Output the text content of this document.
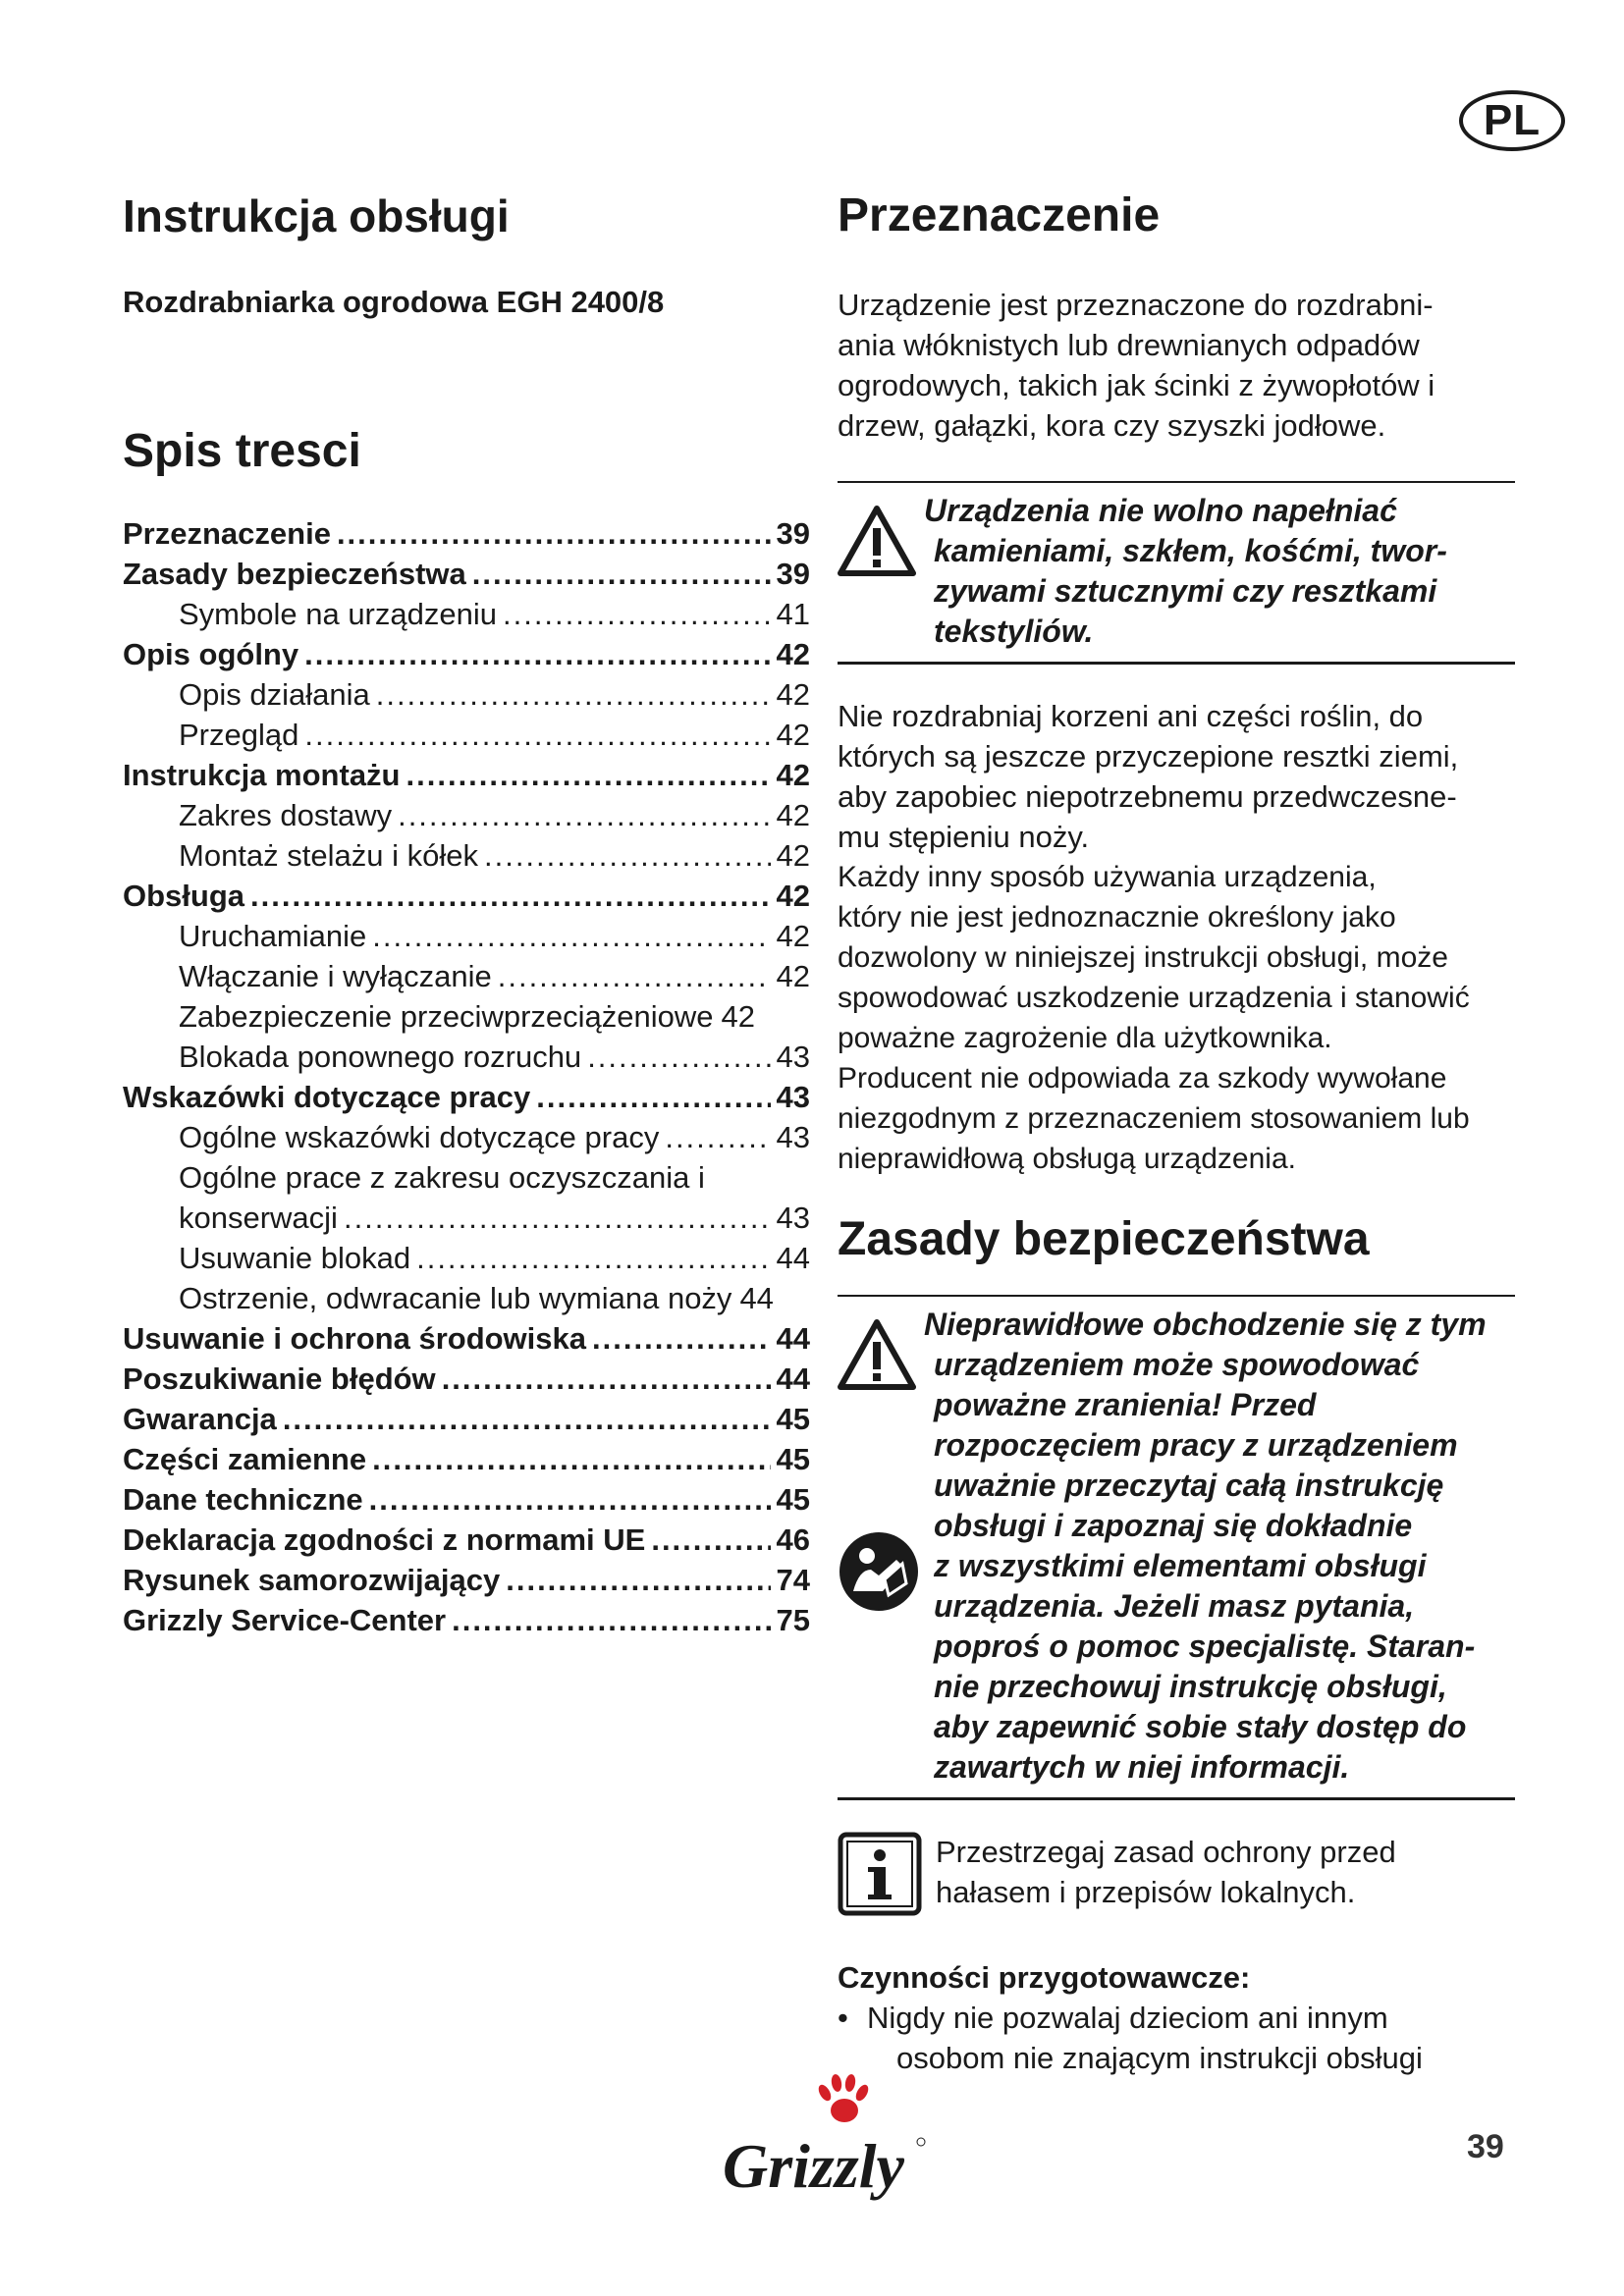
PL
Instrukcja obsługi
Rozdrabniarka ogrodowa EGH 2400/8
Spis tresci
Przeznaczenie .....	39
Zasady bezpieczeństwa .....	39
Symbole na urządzeniu .....	41
Opis ogólny .....	42
Opis działania .....	42
Przegląd .....	42
Instrukcja montażu .....	42
Zakres dostawy .....	42
Montaż stelażu i kółek .....	42
Obsługa .....	42
Uruchamianie .....	42
Włączanie i wyłączanie .....	42
Zabezpieczenie przeciwprzeciążeniowe 42
Blokada ponownego rozruchu .....	43
Wskazówki dotyczące pracy .....	43
Ogólne wskazówki dotyczące pracy .....	43
Ogólne prace z zakresu oczyszczania i
konserwacji .....	43
Usuwanie blokad .....	44
Ostrzenie, odwracanie lub wymiana noży 44
Usuwanie i ochrona środowiska .....	44
Poszukiwanie błędów .....	44
Gwarancja .....	45
Części zamienne .....	45
Dane techniczne .....	45
Deklaracja zgodności z normami UE .....	46
Rysunek samorozwijający .....	74
Grizzly Service-Center .....	75
Przeznaczenie

Urządzenie jest przeznaczone do rozdrabni-

ania włóknistych lub drewnianych odpadów

ogrodowych, takich jak ścinki z żywopłotów i

drzew, gałązki, kora czy szyszki jodłowe.

Urządzenia nie wolno napełniać
kamieniami, szkłem, kośćmi, twor-
zywami sztucznymi czy resztkami
tekstyliów.

Nie rozdrabniaj korzeni ani części roślin, do

których są jeszcze przyczepione resztki ziemi,

aby zapobiec niepotrzebnemu przedwczesne-

mu stępieniu noży.

Każdy inny sposób używania urządzenia,

który nie jest jednoznacznie określony jako

dozwolony w niniejszej instrukcji obsługi, może

spowodować uszkodzenie urządzenia i stanowić

poważne zagrożenie dla użytkownika.

Producent nie odpowiada za szkody wywołane

niezgodnym z przeznaczeniem stosowaniem lub

nieprawidłową obsługą urządzenia.

Zasady bezpieczeństwa
Nieprawidłowe obchodzenie się z tym
urządzeniem może spowodować
poważne zranienia! Przed
rozpoczęciem pracy z urządzeniem
uważnie przeczytaj całą instrukcję
obsługi i zapoznaj się dokładnie
z wszystkimi elementami obsługi
urządzenia. Jeżeli masz pytania,
poproś o pomoc specjalistę. Staran-
nie przechowuj instrukcję obsługi,
aby zapewnić sobie stały dostęp do
zawartych w niej informacji.
Przestrzegaj zasad ochrony przed
hałasem i przepisów lokalnych.
Czynności przygotowawcze:
• Nigdy nie pozwalaj dzieciom ani innym
osobom nie znającym instrukcji obsługi
Grizzly	39
